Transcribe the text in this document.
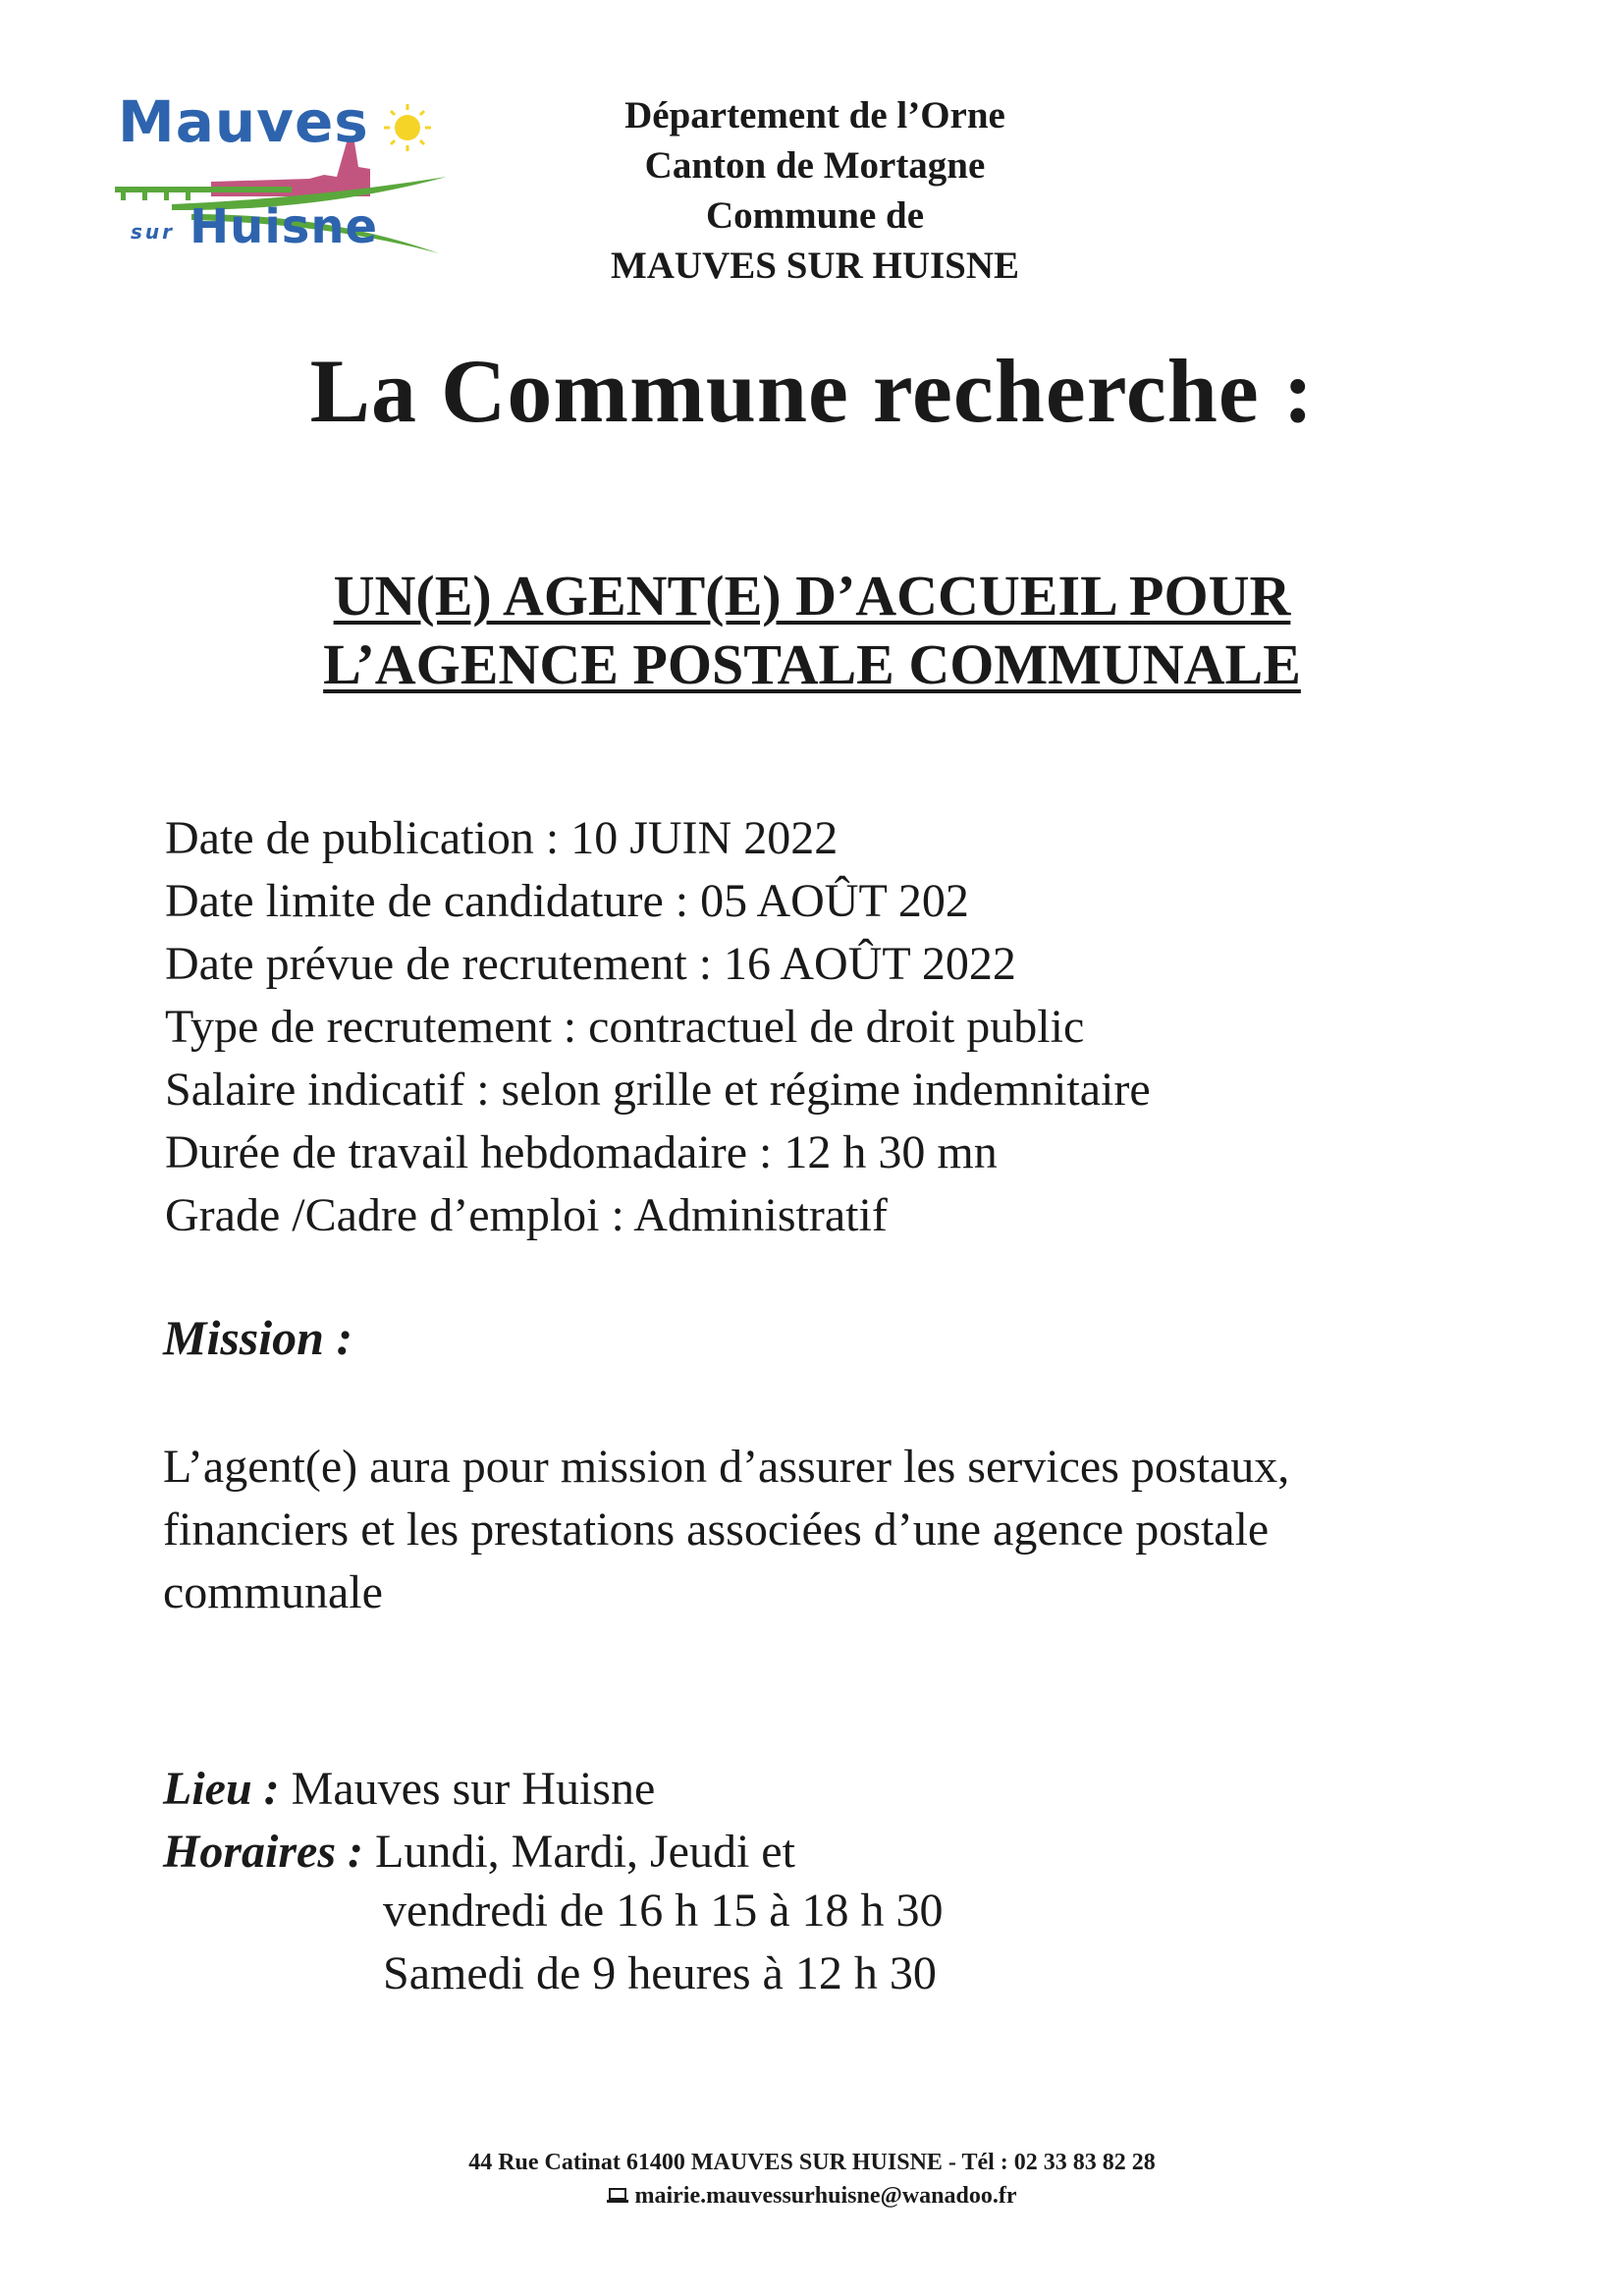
Mauves
sur Huisne
Département de l’Orne
Canton de Mortagne
Commune de
MAUVES SUR HUISNE
La Commune recherche :
UN(E) AGENT(E) D’ACCUEIL POUR
L’AGENCE POSTALE COMMUNALE
Date de publication : 10 JUIN 2022
Date limite de candidature : 05 AOÛT 202
Date prévue de recrutement : 16 AOÛT 2022
Type de recrutement : contractuel de droit public
Salaire indicatif : selon grille et régime indemnitaire
Durée de travail hebdomadaire : 12 h 30 mn
Grade /Cadre d’emploi : Administratif
Mission :
L’agent(e) aura pour mission d’assurer les services postaux,
financiers et les prestations associées d’une agence postale
communale
Lieu : Mauves sur Huisne
Horaires : Lundi, Mardi, Jeudi et
vendredi de 16 h 15 à 18 h 30
Samedi de 9 heures à 12 h 30
44 Rue Catinat 61400 MAUVES SUR HUISNE - Tél : 02 33 83 82 28
mairie.mauvessurhuisne@wanadoo.fr
